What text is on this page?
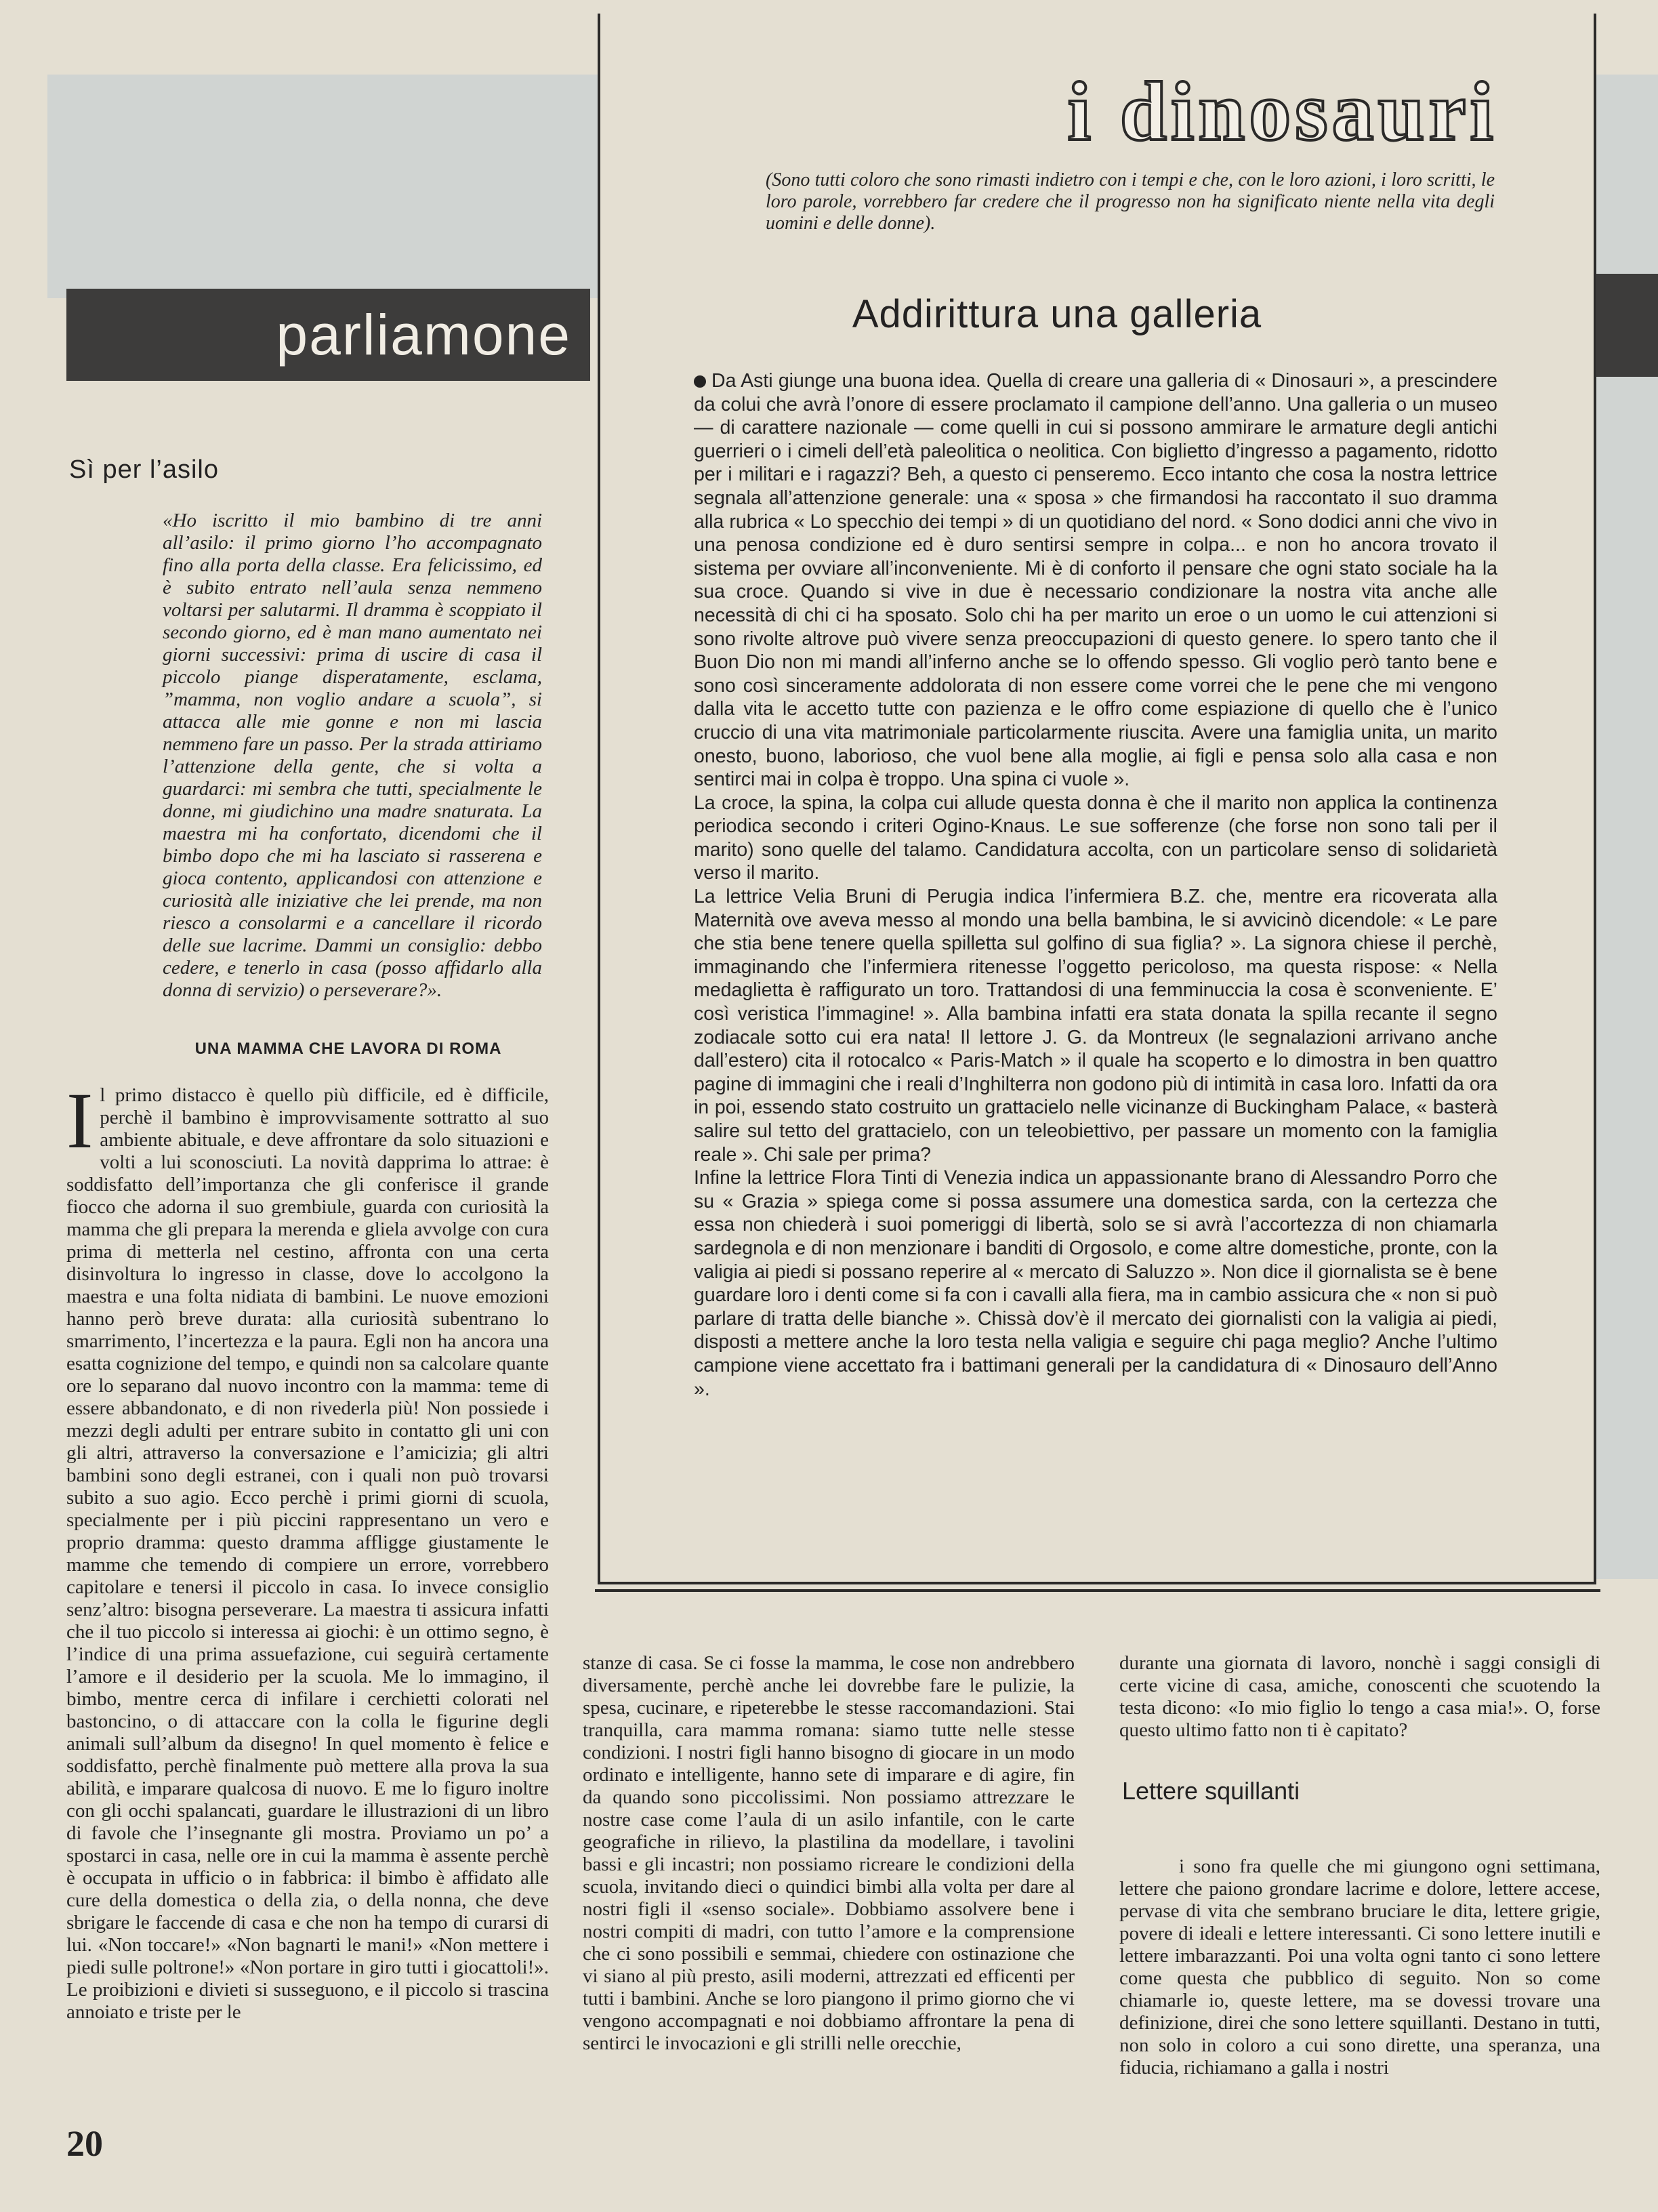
parliamone
Sì per l’asilo

«Ho iscritto il mio bambino di tre anni all’asilo: il primo giorno l’ho accompagnato fino alla porta della classe. Era felicissimo, ed è subito entrato nell’aula senza nemmeno voltarsi per salutarmi. Il dramma è scoppiato il secondo giorno, ed è man mano aumentato nei giorni successivi: prima di uscire di casa il piccolo piange disperatamente, esclama, ”mamma, non voglio andare a scuola”, si attacca alle mie gonne e non mi lascia nemmeno fare un passo. Per la strada attiriamo l’attenzione della gente, che si volta a guardarci: mi sembra che tutti, specialmente le donne, mi giudichino una madre snaturata. La maestra mi ha confortato, dicendomi che il bimbo dopo che mi ha lasciato si rasserena e gioca contento, applicandosi con attenzione e curiosità alle iniziative che lei prende, ma non riesco a consolarmi e a cancellare il ricordo delle sue lacrime. Dammi un consiglio: debbo cedere, e tenerlo in casa (posso affidarlo alla donna di servizio) o perseverare?».

UNA MAMMA CHE LAVORA DI ROMA

Il primo distacco è quello più difficile, ed è difficile, perchè il bambino è improvvisamente sottratto al suo ambiente abituale, e deve affrontare da solo situazioni e volti a lui sconosciuti. La novità dapprima lo attrae: è soddisfatto dell’importanza che gli conferisce il grande fiocco che adorna il suo grembiule, guarda con curiosità la mamma che gli prepara la merenda e gliela avvolge con cura prima di metterla nel cestino, affronta con una certa disinvoltura lo ingresso in classe, dove lo accolgono la maestra e una folta nidiata di bambini. Le nuove emozioni hanno però breve durata: alla curiosità subentrano lo smarrimento, l’incertezza e la paura. Egli non ha ancora una esatta cognizione del tempo, e quindi non sa calcolare quante ore lo separano dal nuovo incontro con la mamma: teme di essere abbandonato, e di non rivederla più! Non possiede i mezzi degli adulti per entrare subito in contatto gli uni con gli altri, attraverso la conversazione e l’amicizia; gli altri bambini sono degli estranei, con i quali non può trovarsi subito a suo agio. Ecco perchè i primi giorni di scuola, specialmente per i più piccini rappresentano un vero e proprio dramma: questo dramma affligge giustamente le mamme che temendo di compiere un errore, vorrebbero capitolare e tenersi il piccolo in casa. Io invece consiglio senz’altro: bisogna perseverare. La maestra ti assicura infatti che il tuo piccolo si interessa ai giochi: è un ottimo segno, è l’indice di una prima assuefazione, cui seguirà certamente l’amore e il desiderio per la scuola. Me lo immagino, il bimbo, mentre cerca di infilare i cerchietti colorati nel bastoncino, o di attaccare con la colla le figurine degli animali sull’album da disegno! In quel momento è felice e soddisfatto, perchè finalmente può mettere alla prova la sua abilità, e imparare qualcosa di nuovo. E me lo figuro inoltre con gli occhi spalancati, guardare le illustrazioni di un libro di favole che l’insegnante gli mostra. Proviamo un po’ a spostarci in casa, nelle ore in cui la mamma è assente perchè è occupata in ufficio o in fabbrica: il bimbo è affidato alle cure della domestica o della zia, o della nonna, che deve sbrigare le faccende di casa e che non ha tempo di curarsi di lui. «Non toccare!» «Non bagnarti le mani!» «Non mettere i piedi sulle poltrone!» «Non portare in giro tutti i giocattoli!». Le proibizioni e divieti si susseguono, e il piccolo si trascina annoiato e triste per le

stanze di casa. Se ci fosse la mamma, le cose non andrebbero diversamente, perchè anche lei dovrebbe fare le pulizie, la spesa, cucinare, e ripeterebbe le stesse raccomandazioni. Stai tranquilla, cara mamma romana: siamo tutte nelle stesse condizioni. I nostri figli hanno bisogno di giocare in un modo ordinato e intelligente, hanno sete di imparare e di agire, fin da quando sono piccolissimi. Non possiamo attrezzare le nostre case come l’aula di un asilo infantile, con le carte geografiche in rilievo, la plastilina da modellare, i tavolini bassi e gli incastri; non possiamo ricreare le condizioni della scuola, invitando dieci o quindici bimbi alla volta per dare al nostri figli il «senso sociale». Dobbiamo assolvere bene i nostri compiti di madri, con tutto l’amore e la comprensione che ci sono possibili e semmai, chiedere con ostinazione che vi siano al più presto, asili moderni, attrezzati ed efficenti per tutti i bambini. Anche se loro piangono il primo giorno che vi vengono accompagnati e noi dobbiamo affrontare la pena di sentirci le invocazioni e gli strilli nelle orecchie,

durante una giornata di lavoro, nonchè i saggi consigli di certe vicine di casa, amiche, conoscenti che scuotendo la testa dicono: «Io mio figlio lo tengo a casa mia!». O, forse questo ultimo fatto non ti è capitato?

Lettere squillanti

i sono fra quelle che mi giungono ogni settimana, lettere che paiono grondare lacrime e dolore, lettere accese, pervase di vita che sembrano bruciare le dita, lettere grigie, povere di ideali e lettere interessanti. Ci sono lettere inutili e lettere imbarazzanti. Poi una volta ogni tanto ci sono lettere come questa che pubblico di seguito. Non so come chiamarle io, queste lettere, ma se dovessi trovare una definizione, direi che sono lettere squillanti. Destano in tutti, non solo in coloro a cui sono dirette, una speranza, una fiducia, richiamano a galla i nostri

i dinosauri

(Sono tutti coloro che sono rimasti indietro con i tempi e che, con le loro azioni, i loro scritti, le loro parole, vorrebbero far credere che il progresso non ha significato niente nella vita degli uomini e delle donne).

Addirittura una galleria
Da Asti giunge una buona idea. Quella di creare una galleria di « Dinosauri », a prescindere da colui che avrà l’onore di essere proclamato il campione dell’anno. Una galleria o un museo — di carattere nazionale — come quelli in cui si possono ammirare le armature degli antichi guerrieri o i cimeli dell’età paleolitica o neolitica. Con biglietto d’ingresso a pagamento, ridotto per i militari e i ragazzi? Beh, a questo ci penseremo. Ecco intanto che cosa la nostra lettrice segnala all’attenzione generale: una « sposa » che firmandosi ha raccontato il suo dramma alla rubrica « Lo specchio dei tempi » di un quotidiano del nord. « Sono dodici anni che vivo in una penosa condizione ed è duro sentirsi sempre in colpa... e non ho ancora trovato il sistema per ovviare all’inconveniente. Mi è di conforto il pensare che ogni stato sociale ha la sua croce. Quando si vive in due è necessario condizionare la nostra vita anche alle necessità di chi ci ha sposato. Solo chi ha per marito un eroe o un uomo le cui attenzioni si sono rivolte altrove può vivere senza preoccupazioni di questo genere. Io spero tanto che il Buon Dio non mi mandi all’inferno anche se lo offendo spesso. Gli voglio però tanto bene e sono così sinceramente addolorata di non essere come vorrei che le pene che mi vengono dalla vita le accetto tutte con pazienza e le offro come espiazione di quello che è l’unico cruccio di una vita matrimoniale particolarmente riuscita. Avere una famiglia unita, un marito onesto, buono, laborioso, che vuol bene alla moglie, ai figli e pensa solo alla casa e non sentirci mai in colpa è troppo. Una spina ci vuole ».
La croce, la spina, la colpa cui allude questa donna è che il marito non applica la continenza periodica secondo i criteri Ogino-Knaus. Le sue sofferenze (che forse non sono tali per il marito) sono quelle del talamo. Candidatura accolta, con un particolare senso di solidarietà verso il marito.
La lettrice Velia Bruni di Perugia indica l’infermiera B.Z. che, mentre era ricoverata alla Maternità ove aveva messo al mondo una bella bambina, le si avvicinò dicendole: « Le pare che stia bene tenere quella spilletta sul golfino di sua figlia? ». La signora chiese il perchè, immaginando che l’infermiera ritenesse l’oggetto pericoloso, ma questa rispose: « Nella medaglietta è raffigurato un toro. Trattandosi di una femminuccia la cosa è sconveniente. E’ così veristica l’immagine! ». Alla bambina infatti era stata donata la spilla recante il segno zodiacale sotto cui era nata! Il lettore J. G. da Montreux (le segnalazioni arrivano anche dall’estero) cita il rotocalco « Paris-Match » il quale ha scoperto e lo dimostra in ben quattro pagine di immagini che i reali d’Inghilterra non godono più di intimità in casa loro. Infatti da ora in poi, essendo stato costruito un grattacielo nelle vicinanze di Buckingham Palace, « basterà salire sul tetto del grattacielo, con un teleobiettivo, per passare un momento con la famiglia reale ». Chi sale per prima?
Infine la lettrice Flora Tinti di Venezia indica un appassionante brano di Alessandro Porro che su « Grazia » spiega come si possa assumere una domestica sarda, con la certezza che essa non chiederà i suoi pomeriggi di libertà, solo se si avrà l’accortezza di non chiamarla sardegnola e di non menzionare i banditi di Orgosolo, e come altre domestiche, pronte, con la valigia ai piedi si possano reperire al « mercato di Saluzzo ». Non dice il giornalista se è bene guardare loro i denti come si fa con i cavalli alla fiera, ma in cambio assicura che « non si può parlare di tratta delle bianche ». Chissà dov’è il mercato dei giornalisti con la valigia ai piedi, disposti a mettere anche la loro testa nella valigia e seguire chi paga meglio? Anche l’ultimo campione viene accettato fra i battimani generali per la candidatura di « Dinosauro dell’Anno ».
20
